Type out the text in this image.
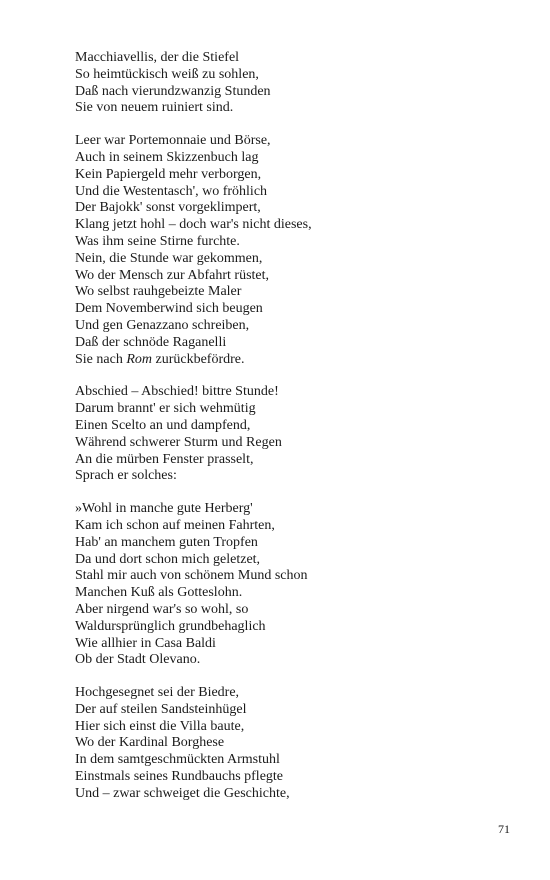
Macchiavellis, der die Stiefel
So heimtückisch weiß zu sohlen,
Daß nach vierundzwanzig Stunden
Sie von neuem ruiniert sind.
Leer war Portemonnaie und Börse,
Auch in seinem Skizzenbuch lag
Kein Papiergeld mehr verborgen,
Und die Westentasch', wo fröhlich
Der Bajokk' sonst vorgeklimpert,
Klang jetzt hohl – doch war's nicht dieses,
Was ihm seine Stirne furchte.
Nein, die Stunde war gekommen,
Wo der Mensch zur Abfahrt rüstet,
Wo selbst rauhgebeizte Maler
Dem Novemberwind sich beugen
Und gen Genazzano schreiben,
Daß der schnöde Raganelli
Sie nach Rom zurückbefördre.
Abschied – Abschied! bittre Stunde!
Darum brannt' er sich wehmütig
Einen Scelto an und dampfend,
Während schwerer Sturm und Regen
An die mürben Fenster prasselt,
Sprach er solches:
»Wohl in manche gute Herberg'
Kam ich schon auf meinen Fahrten,
Hab' an manchem guten Tropfen
Da und dort schon mich geletzet,
Stahl mir auch von schönem Mund schon
Manchen Kuß als Gotteslohn.
Aber nirgend war's so wohl, so
Waldursprünglich grundbehaglich
Wie allhier in Casa Baldi
Ob der Stadt Olevano.
Hochgesegnet sei der Biedre,
Der auf steilen Sandsteinhügel
Hier sich einst die Villa baute,
Wo der Kardinal Borghese
In dem samtgeschmückten Armstuhl
Einstmals seines Rundbauchs pflegte
Und – zwar schweiget die Geschichte,
71
